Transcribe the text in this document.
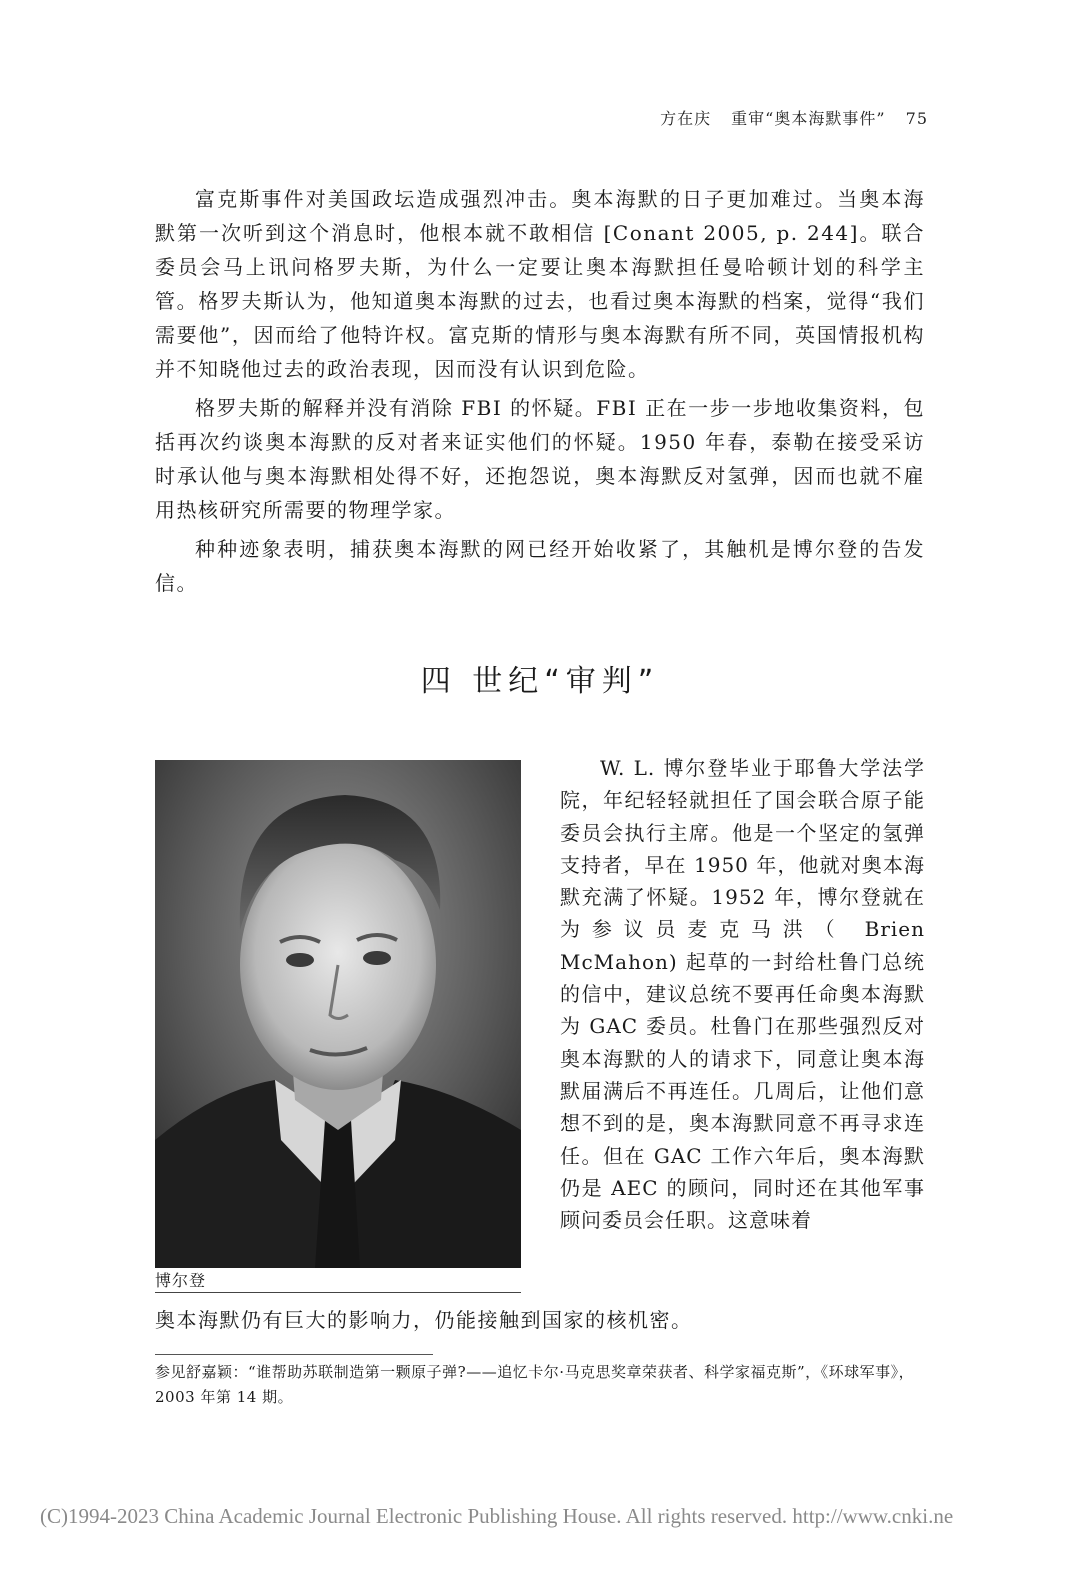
方在庆 重审“奥本海默事件” 75

富克斯事件对美国政坛造成强烈冲击。奥本海默的日子更加难过。当奥本海默第一次听到这个消息时，他根本就不敢相信 [Conant 2005, p. 244]。联合委员会马上讯问格罗夫斯，为什么一定要让奥本海默担任曼哈顿计划的科学主管。格罗夫斯认为，他知道奥本海默的过去，也看过奥本海默的档案，觉得“我们需要他”，因而给了他特许权。富克斯的情形与奥本海默有所不同，英国情报机构并不知晓他过去的政治表现，因而没有认识到危险。

格罗夫斯的解释并没有消除 FBI 的怀疑。FBI 正在一步一步地收集资料，包括再次约谈奥本海默的反对者来证实他们的怀疑。1950 年春，泰勒在接受采访时承认他与奥本海默相处得不好，还抱怨说，奥本海默反对氢弹，因而也就不雇用热核研究所需要的物理学家。

种种迹象表明，捕获奥本海默的网已经开始收紧了，其触机是博尔登的告发信。

四 世纪“审判”
博尔登

W. L. 博尔登毕业于耶鲁大学法学院，年纪轻轻就担任了国会联合原子能委员会执行主席。他是一个坚定的氢弹支持者，早在 1950 年，他就对奥本海默充满了怀疑。1952 年，博尔登就在为参议员麦克马洪（ Brien McMahon) 起草的一封给杜鲁门总统的信中，建议总统不要再任命奥本海默为 GAC 委员。杜鲁门在那些强烈反对奥本海默的人的请求下，同意让奥本海默届满后不再连任。几周后，让他们意想不到的是，奥本海默同意不再寻求连任。但在 GAC 工作六年后，奥本海默仍是 AEC 的顾问，同时还在其他军事顾问委员会任职。这意味着

奥本海默仍有巨大的影响力，仍能接触到国家的核机密。
参见舒嘉颖：“谁帮助苏联制造第一颗原子弹?——追忆卡尔·马克思奖章荣获者、科学家福克斯”，《环球军事》，2003 年第 14 期。
(C)1994-2023 China Academic Journal Electronic Publishing House. All rights reserved. http://www.cnki.ne
